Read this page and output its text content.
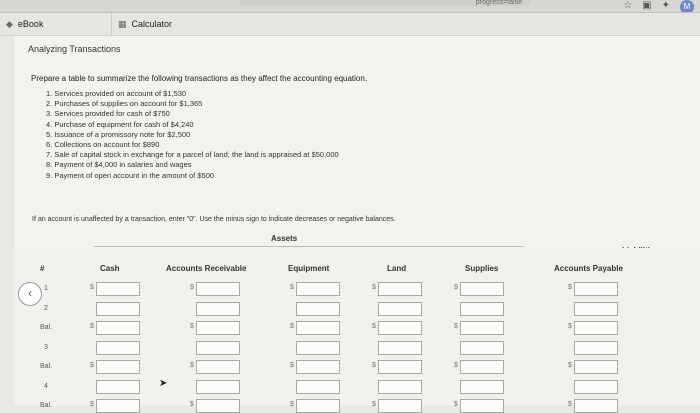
progress=false	☆ ▣ ✦	M
◆ eBook	▦ Calculator
Analyzing Transactions
Prepare a table to summarize the following transactions as they affect the accounting equation.
1. Services provided on account of $1,530
2. Purchases of supplies on account for $1,365
3. Services provided for cash of $750
4. Purchase of equipment for cash of $4,240
5. Issuance of a promissory note for $2,500
6. Collections on account for $890
7. Sale of capital stock in exchange for a parcel of land; the land is appraised at $50,000
8. Payment of $4,000 in salaries and wages
9. Payment of open account in the amount of $500
If an account is unaffected by a transaction, enter "0". Use the minus sign to indicate decreases or negative balances.
Assets
#	Cash	Accounts Receivable	Equipment	Land	Supplies	Accounts Payable
1	$	$	$	$	$	$
2
Bal.	$	$	$	$	$	$
3
Bal.	$	$	$	$	$	$
4
Bal.	$	$	$	$	$	$
‹
➤
